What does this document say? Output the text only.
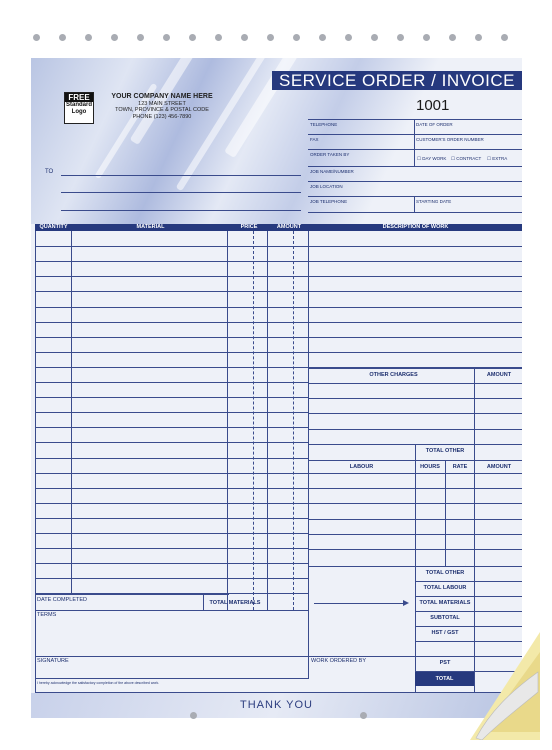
SERVICE ORDER / INVOICE
1001
FREE
Standard Logo
YOUR COMPANY NAME HERE
123 MAIN STREET
TOWN, PROVINCE & POSTAL CODE
PHONE (123) 456-7890
TO
TELEPHONE	DATE OF ORDER
FAX	CUSTOMER'S ORDER NUMBER
ORDER TAKEN BY
☐ DAY WORK ☐ CONTRACT ☐ EXTRA
JOB NAME/NUMBER
JOB LOCATION
JOB TELEPHONE	STARTING DATE
QUANTITY	MATERIAL	PRICE	AMOUNT	DESCRIPTION OF WORK
OTHER CHARGES	AMOUNT
TOTAL OTHER
LABOUR	HOURS	RATE	AMOUNT
TOTAL OTHER
TOTAL LABOUR
TOTAL MATERIALS
SUBTOTAL
HST / GST
PST
TOTAL
DATE COMPLETED	TOTAL MATERIALS
TERMS
SIGNATURE	WORK ORDERED BY
I hereby acknowledge the satisfactory completion of the above described work.
THANK YOU
